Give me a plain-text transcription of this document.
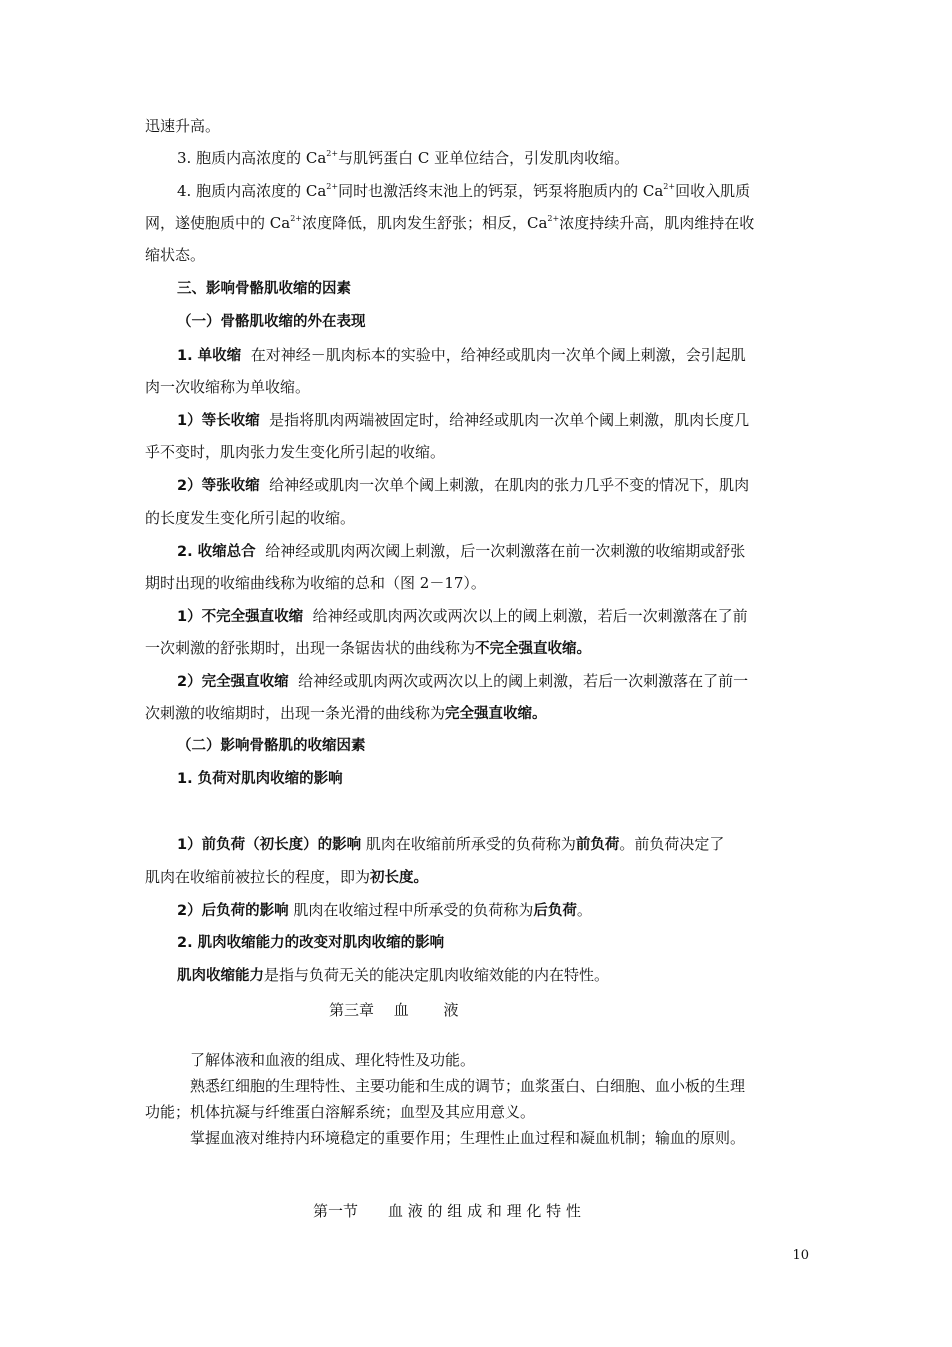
迅速升高。
3. 胞质内高浓度的 $Ca^{2+}$与肌钙蛋白 C 亚单位结合，引发肌肉收缩。
4. 胞质内高浓度的 $Ca^{2+}$同时也激活终末池上的钙泵，钙泵将胞质内的 $Ca^{2+}$回收入肌质
网，遂使胞质中的 $Ca^{2+}$浓度降低，肌肉发生舒张；相反，$Ca^{2+}$浓度持续升高，肌肉维持在收
缩状态。
三、影响骨骼肌收缩的因素
（一）骨骼肌收缩的外在表现
1. 单收缩 在对神经－肌肉标本的实验中，给神经或肌肉一次单个阈上刺激，会引起肌
肉一次收缩称为单收缩。
1）等长收缩 是指将肌肉两端被固定时，给神经或肌肉一次单个阈上刺激，肌肉长度几
乎不变时，肌肉张力发生变化所引起的收缩。
2）等张收缩 给神经或肌肉一次单个阈上刺激，在肌肉的张力几乎不变的情况下，肌肉
的长度发生变化所引起的收缩。
2. 收缩总合 给神经或肌肉两次阈上刺激，后一次刺激落在前一次刺激的收缩期或舒张
期时出现的收缩曲线称为收缩的总和（图 2－17）。
1）不完全强直收缩 给神经或肌肉两次或两次以上的阈上刺激，若后一次刺激落在了前
一次刺激的舒张期时，出现一条锯齿状的曲线称为不完全强直收缩。
2）完全强直收缩 给神经或肌肉两次或两次以上的阈上刺激，若后一次刺激落在了前一
次刺激的收缩期时，出现一条光滑的曲线称为完全强直收缩。
（二）影响骨骼肌的收缩因素
1. 负荷对肌肉收缩的影响
1）前负荷（初长度）的影响 肌肉在收缩前所承受的负荷称为前负荷。前负荷决定了
肌肉在收缩前被拉长的程度，即为初长度。
2）后负荷的影响 肌肉在收缩过程中所承受的负荷称为后负荷。
2. 肌肉收缩能力的改变对肌肉收缩的影响
肌肉收缩能力是指与负荷无关的能决定肌肉收缩效能的内在特性。
第三章　 血　　 液
了解体液和血液的组成、理化特性及功能。
熟悉红细胞的生理特性、主要功能和生成的调节；血浆蛋白、白细胞、血小板的生理
功能；机体抗凝与纤维蛋白溶解系统；血型及其应用意义。
掌握血液对维持内环境稳定的重要作用；生理性止血过程和凝血机制；输血的原则。
第一节　　血 液 的 组 成 和 理 化 特 性
10
